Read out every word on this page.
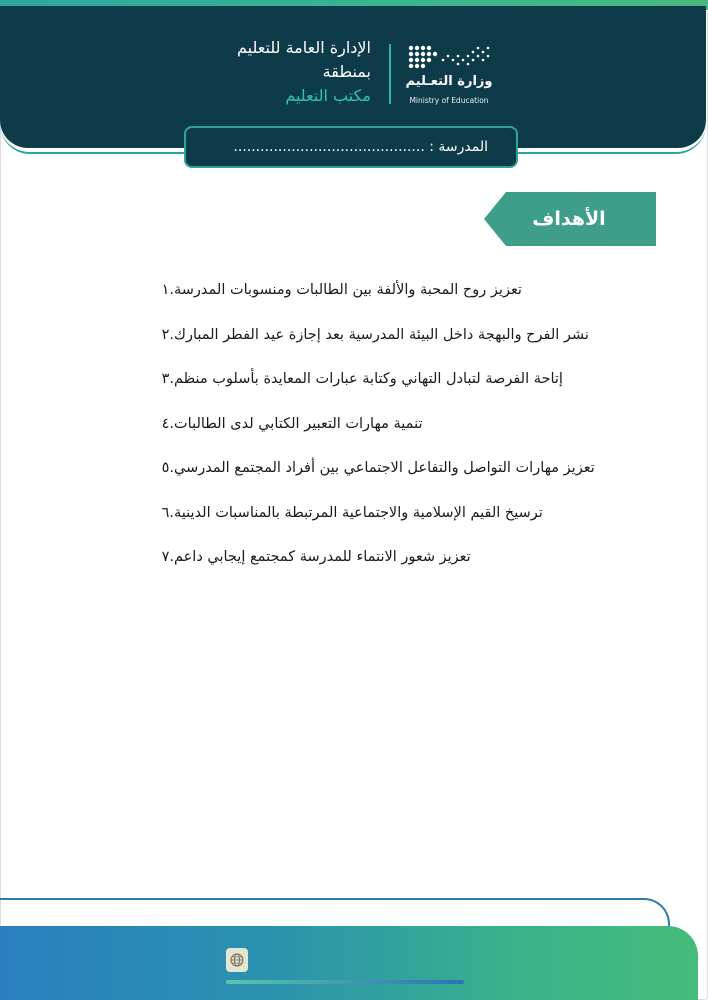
الإدارة العامة للتعليم
بمنطقة
مكتب التعليم
وزارة التعـليم
Ministry of Education
المدرسة : ...........................................
الأهداف
.١ تعزيز روح المحبة والألفة بين الطالبات ومنسوبات المدرسة
.٢ نشر الفرح والبهجة داخل البيئة المدرسية بعد إجازة عيد الفطر المبارك
.٣ إتاحة الفرصة لتبادل التهاني وكتابة عبارات المعايدة بأسلوب منظم
.٤ تنمية مهارات التعبير الكتابي لدى الطالبات
.٥ تعزيز مهارات التواصل والتفاعل الاجتماعي بين أفراد المجتمع المدرسي
.٦ ترسيخ القيم الإسلامية والاجتماعية المرتبطة بالمناسبات الدينية
.٧ تعزيز شعور الانتماء للمدرسة كمجتمع إيجابي داعم
